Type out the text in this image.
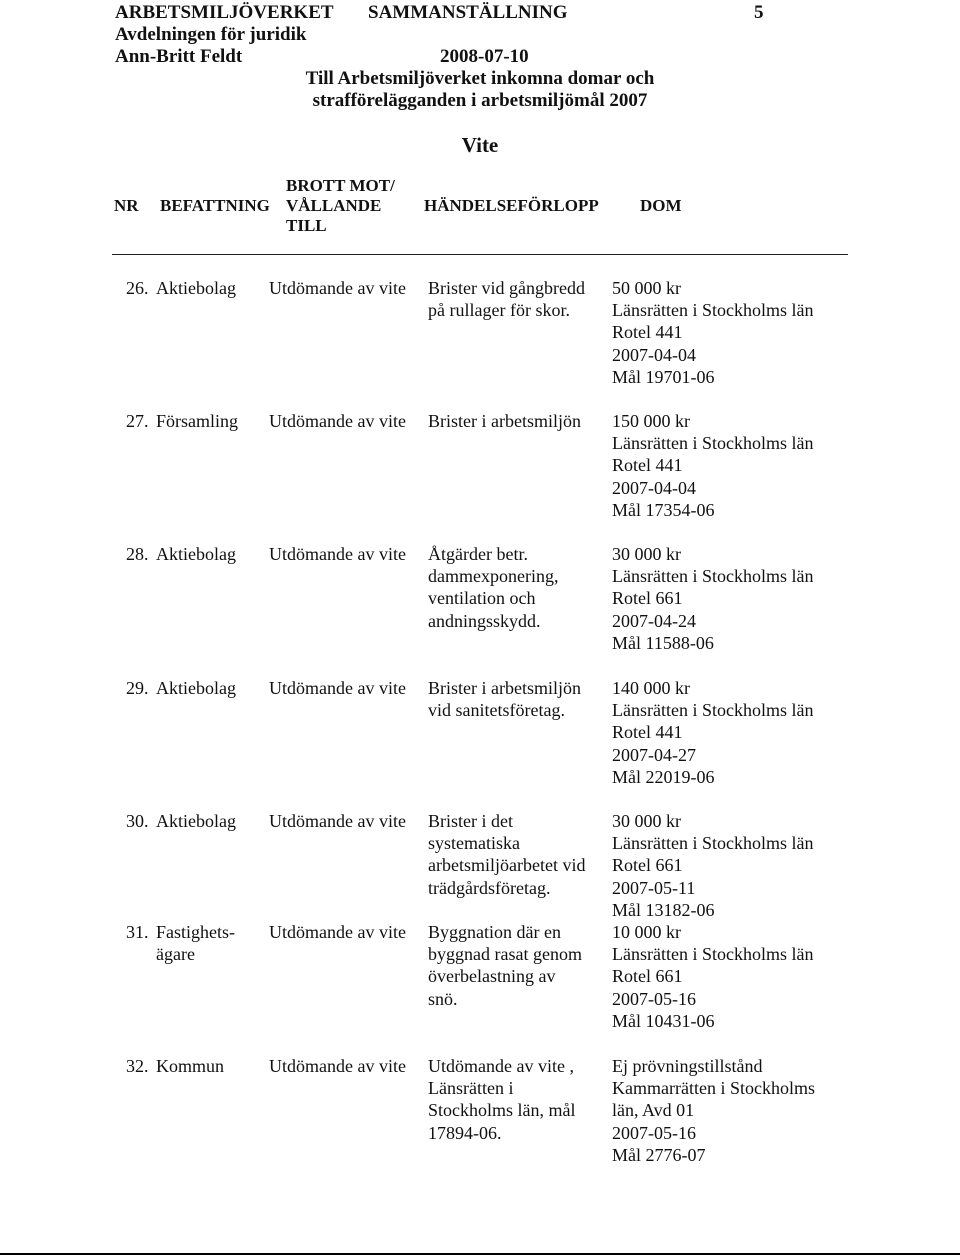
ARBETSMILJÖVERKET SAMMANSTÄLLNING	5
Avdelningen för juridik
Ann-Britt Feldt	2008-07-10
Till Arbetsmiljöverket inkomna domar och
strafförelägganden i arbetsmiljömål 2007
Vite
NR BEFATTNING
BROTT MOT/
VÅLLANDE
TILL
HÄNDELSEFÖRLOPP DOM
26. Aktiebolag Utdömande av vite Brister vid gångbredd
på rullager för skor.
50 000 kr
Länsrätten i Stockholms län
Rotel 441
2007-04-04
Mål 19701-06
27. Församling Utdömande av vite Brister i arbetsmiljön 150 000 kr
Länsrätten i Stockholms län
Rotel 441
2007-04-04
Mål 17354-06
28. Aktiebolag Utdömande av vite Åtgärder betr.
dammexponering,
ventilation och
andningsskydd.
30 000 kr
Länsrätten i Stockholms län
Rotel 661
2007-04-24
Mål 11588-06
29. Aktiebolag Utdömande av vite Brister i arbetsmiljön
vid sanitetsföretag.
140 000 kr
Länsrätten i Stockholms län
Rotel 441
2007-04-27
Mål 22019-06
30. Aktiebolag Utdömande av vite Brister i det
systematiska
arbetsmiljöarbetet vid
trädgårdsföretag.
30 000 kr
Länsrätten i Stockholms län
Rotel 661
2007-05-11
Mål 13182-06
31. Fastighets-
ägare
Utdömande av vite Byggnation där en
byggnad rasat genom
överbelastning av
snö.
10 000 kr
Länsrätten i Stockholms län
Rotel 661
2007-05-16
Mål 10431-06
32. Kommun Utdömande av vite Utdömande av vite ,
Länsrätten i
Stockholms län, mål
17894-06.
Ej prövningstillstånd
Kammarrätten i Stockholms
län, Avd 01
2007-05-16
Mål 2776-07
